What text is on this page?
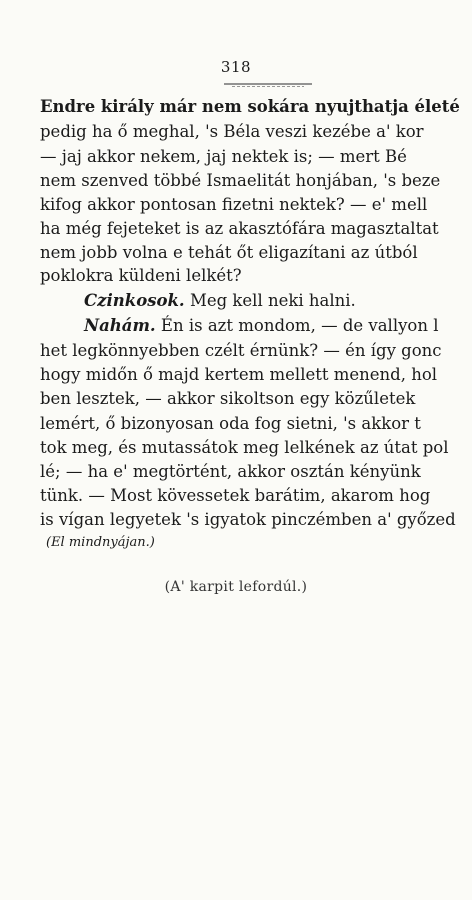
318
Endre király már nem sokára nyujthatja életé
pedig ha ő meghal, 's Béla veszi kezébe a' kor
— jaj akkor nekem, jaj nektek is; — mert Bé
nem szenved többé Ismaelitát honjában, 's beze
kifog akkor pontosan fizetni nektek? — e' mell
ha még fejeteket is az akasztófára magasztaltat
nem jobb volna e tehát őt eligazítani az útból
poklokra küldeni lelkét?
Czinkosok. Meg kell neki halni.
Nahám. Én is azt mondom, — de vallyon l
het legkönnyebben czélt érnünk? — én így gonc
hogy midőn ő majd kertem mellett menend, hol
ben lesztek, — akkor sikoltson egy közűletek
lemért, ő bizonyosan oda fog sietni, 's akkor t
tok meg, és mutassátok meg lelkének az útat pol
lé; — ha e' megtörtént, akkor osztán kényünk
tünk. — Most kövessetek barátim, akarom hog
is vígan legyetek 's igyatok pinczémben a' győzed
(El mindnyájan.)
(A' karpit lefordúl.)
